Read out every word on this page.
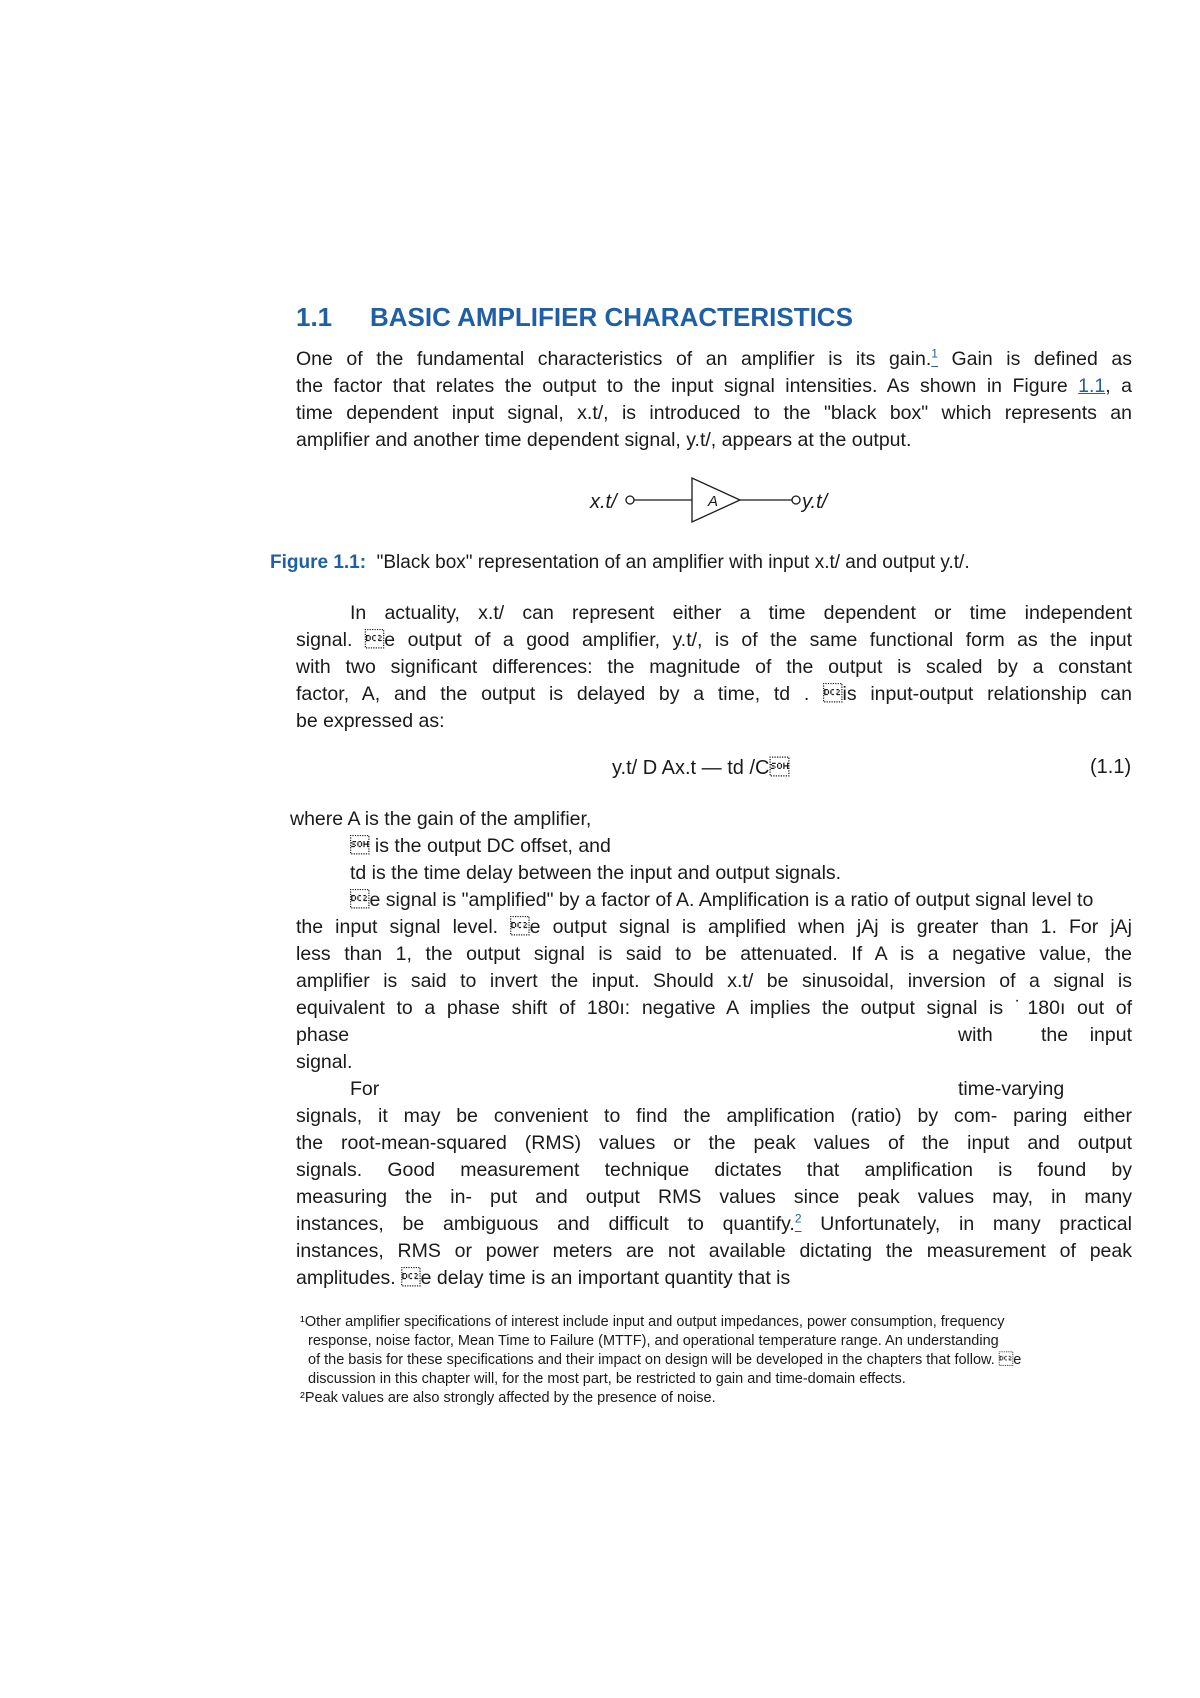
1.1 BASIC AMPLIFIER CHARACTERISTICS
One of the fundamental characteristics of an amplifier is its gain.$^1$ Gain is defined as
the factor that relates the output to the input signal intensities. As shown in Figure 1.1, a
time dependent input signal, x.t/, is introduced to the "black box" which represents an
amplifier and another time dependent signal, y.t/, appears at the output.
x.t/	A	y.t/
Figure 1.1: "Black box" representation of an amplifier with input x.t/ and output y.t/.
In actuality, x.t/ can represent either a time dependent or time independent
signal. e output of a good amplifier, y.t/, is of the same functional form as the input
with two significant differences: the magnitude of the output is scaled by a constant
factor, A, and the output is delayed by a time, td . is input-output relationship can
be expressed as:
y.t/ D Ax.t — td /C	(1.1)
where A is the gain of the amplifier,
 is the output DC offset, and
td is the time delay between the input and output signals.
e signal is "amplified" by a factor of A. Amplification is a ratio of output signal level to
the input signal level. e output signal is amplified when jAj is greater than 1. For jAj
less than 1, the output signal is said to be attenuated. If A is a negative value, the
amplifier is said to invert the input. Should x.t/ be sinusoidal, inversion of a signal is
equivalent to a phase shift of 180ı: negative A implies the output signal is ˙180ı out of
phase	with the input
signal.
For	time-varying
signals, it may be convenient to find the amplification (ratio) by com- paring either
the root-mean-squared (RMS) values or the peak values of the input and output
signals. Good measurement technique dictates that amplification is found by
measuring the in- put and output RMS values since peak values may, in many
instances, be ambiguous and difficult to quantify.$^2$ Unfortunately, in many practical
instances, RMS or power meters are not available dictating the measurement of peak
amplitudes. e delay time is an important quantity that is
¹Other amplifier specifications of interest include input and output impedances, power consumption, frequency
response, noise factor, Mean Time to Failure (MTTF), and operational temperature range. An understanding
of the basis for these specifications and their impact on design will be developed in the chapters that follow. e
discussion in this chapter will, for the most part, be restricted to gain and time-domain effects.
²Peak values are also strongly affected by the presence of noise.
